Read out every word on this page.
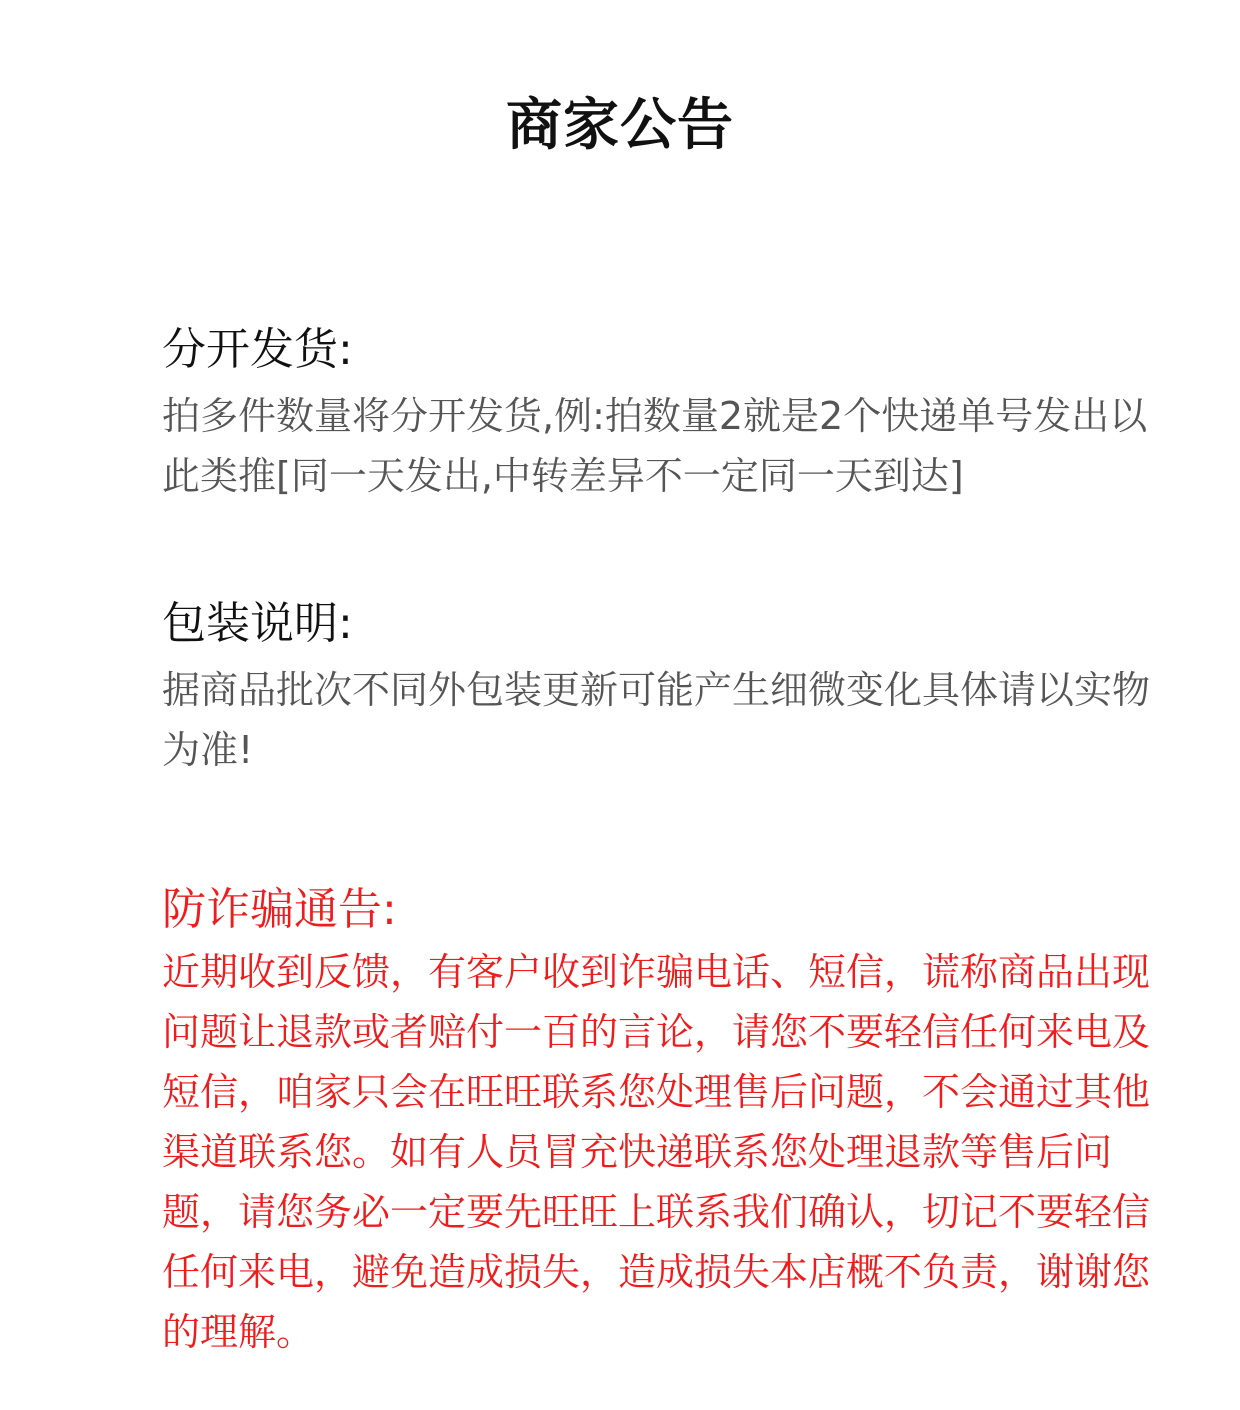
商家公告

分开发货:

拍多件数量将分开发货,例:拍数量2就是2个快递单号发出以此类推[同一天发出,中转差异不一定同一天到达]

包装说明:

据商品批次不同外包装更新可能产生细微变化具体请以实物为准!

防诈骗通告:

近期收到反馈，有客户收到诈骗电话、短信，谎称商品出现问题让退款或者赔付一百的言论，请您不要轻信任何来电及短信，咱家只会在旺旺联系您处理售后问题，不会通过其他渠道联系您。如有人员冒充快递联系您处理退款等售后问题，请您务必一定要先旺旺上联系我们确认，切记不要轻信任何来电，避免造成损失，造成损失本店概不负责，谢谢您的理解。
